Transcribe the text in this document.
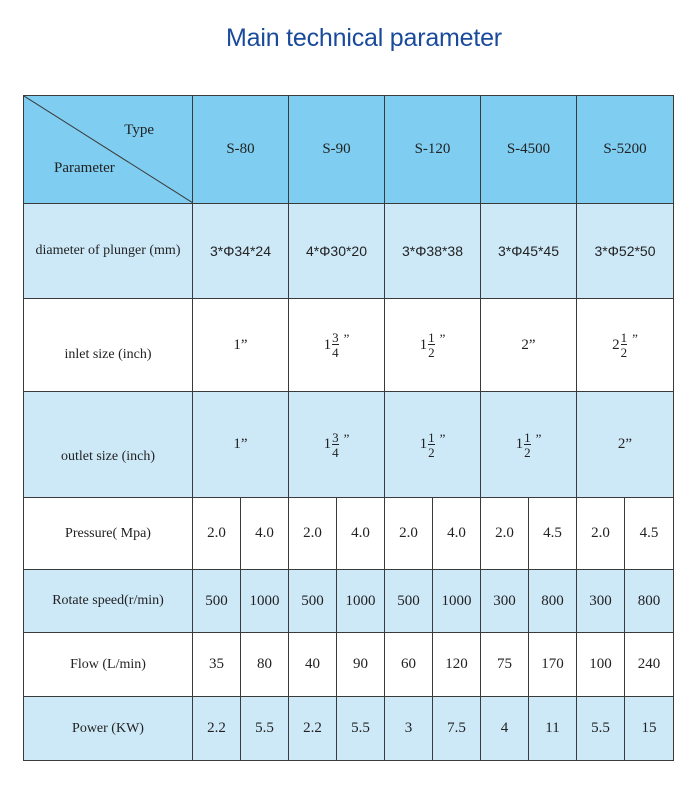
Main technical parameter
Type
Parameter	S-80		S-90		S-120		S-4500		S-5200	
diameter of plunger (mm)	3*Φ34*24		4*Φ30*20		3*Φ38*38		3*Φ45*45		3*Φ52*50	
inlet size (inch)	1”		$1 \frac{3}{4}$ ”		$1 \frac{1}{2}$ ”		2”		$2 \frac{1}{2}$ ”	

outlet size (inch)	1”		$1 \frac{3}{4}$ ”		$1 \frac{1}{2}$ ”		$1 \frac{1}{2}$ ”		2”	
Pressure( Mpa)	2.0	4.0	2.0	4.0	2.0	4.0	2.0	4.5	2.0	4.5
Rotate speed(r/min)	500	1000	500	1000	500	1000	300	800	300	800
Flow (L/min)	35	80	40	90	60	120	75	170	100	240
Power (KW)	2.2	5.5	2.2	5.5	3	7.5	4	11	5.5	15
